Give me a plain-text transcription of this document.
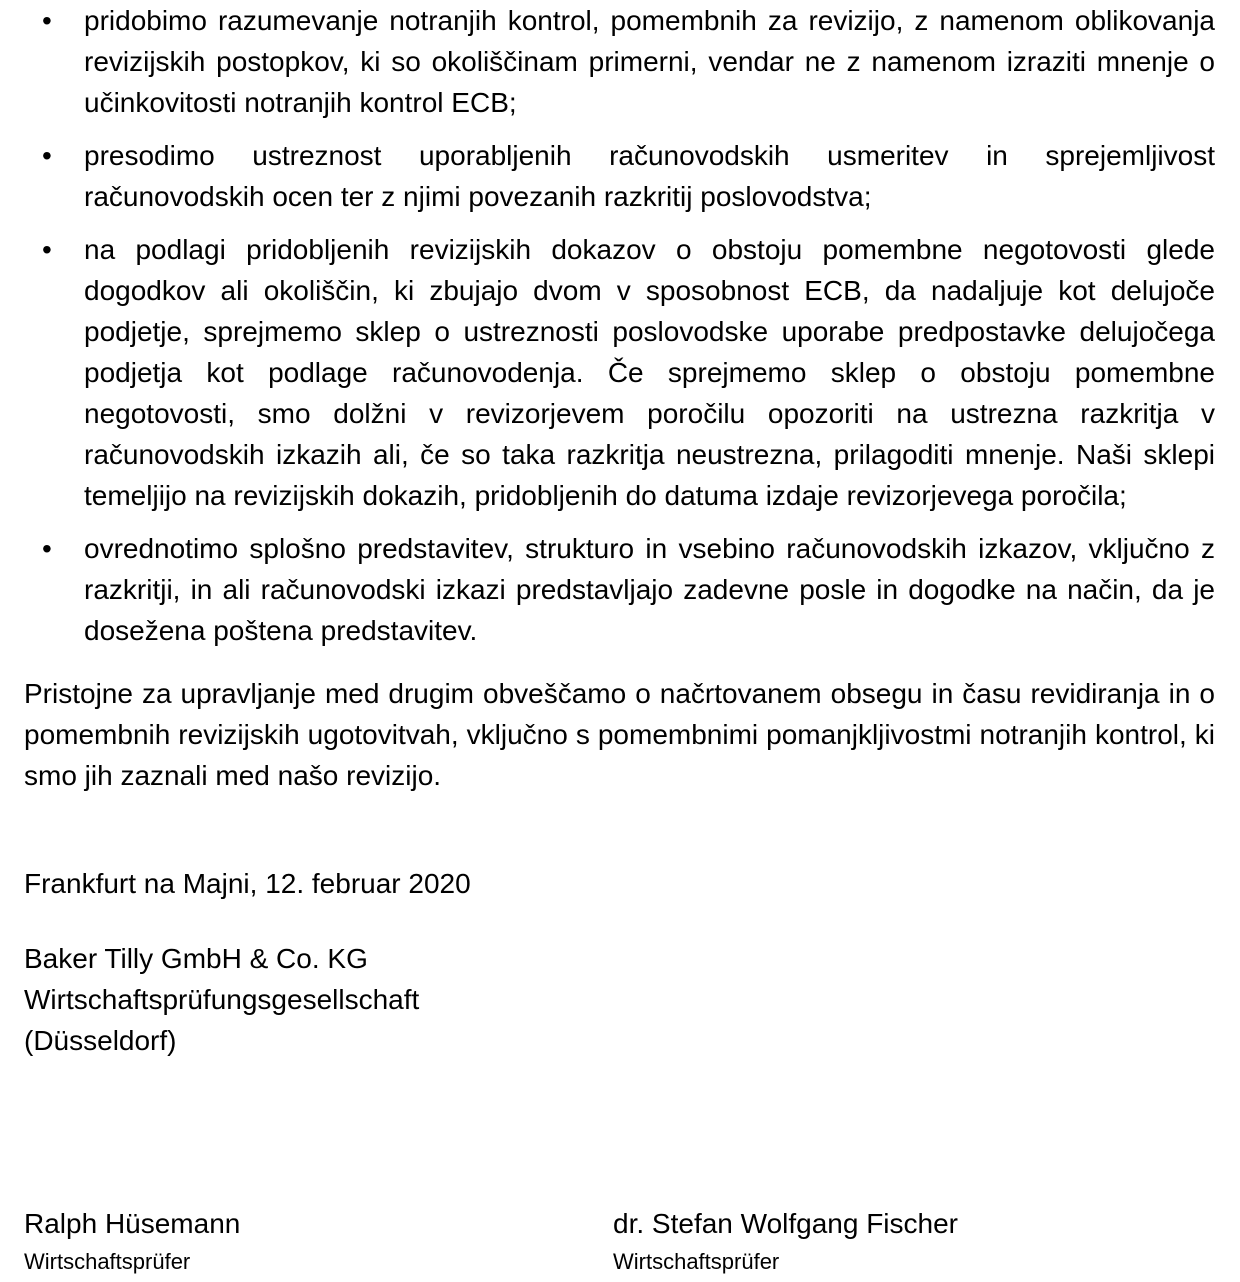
• pridobimo razumevanje notranjih kontrol, pomembnih za revizijo, z namenom oblikovanja revizijskih postopkov, ki so okoliščinam primerni, vendar ne z namenom izraziti mnenje o učinkovitosti notranjih kontrol ECB;
• presodimo ustreznost uporabljenih računovodskih usmeritev in sprejemljivost računovodskih ocen ter z njimi povezanih razkritij poslovodstva;
• na podlagi pridobljenih revizijskih dokazov o obstoju pomembne negotovosti glede dogodkov ali okoliščin, ki zbujajo dvom v sposobnost ECB, da nadaljuje kot delujoče podjetje, sprejmemo sklep o ustreznosti poslovodske uporabe predpostavke delujočega podjetja kot podlage računovodenja. Če sprejmemo sklep o obstoju pomembne negotovosti, smo dolžni v revizorjevem poročilu opozoriti na ustrezna razkritja v računovodskih izkazih ali, če so taka razkritja neustrezna, prilagoditi mnenje. Naši sklepi temeljijo na revizijskih dokazih, pridobljenih do datuma izdaje revizorjevega poročila;
• ovrednotimo splošno predstavitev, strukturo in vsebino računovodskih izkazov, vključno z razkritji, in ali računovodski izkazi predstavljajo zadevne posle in dogodke na način, da je dosežena poštena predstavitev.

Pristojne za upravljanje med drugim obveščamo o načrtovanem obsegu in času revidiranja in o pomembnih revizijskih ugotovitvah, vključno s pomembnimi pomanjkljivostmi notranjih kontrol, ki smo jih zaznali med našo revizijo.

Frankfurt na Majni, 12. februar 2020

Baker Tilly GmbH & Co. KG
Wirtschaftsprüfungsgesellschaft
(Düsseldorf)
Ralph Hüsemann
Wirtschaftsprüfer
dr. Stefan Wolfgang Fischer
Wirtschaftsprüfer
